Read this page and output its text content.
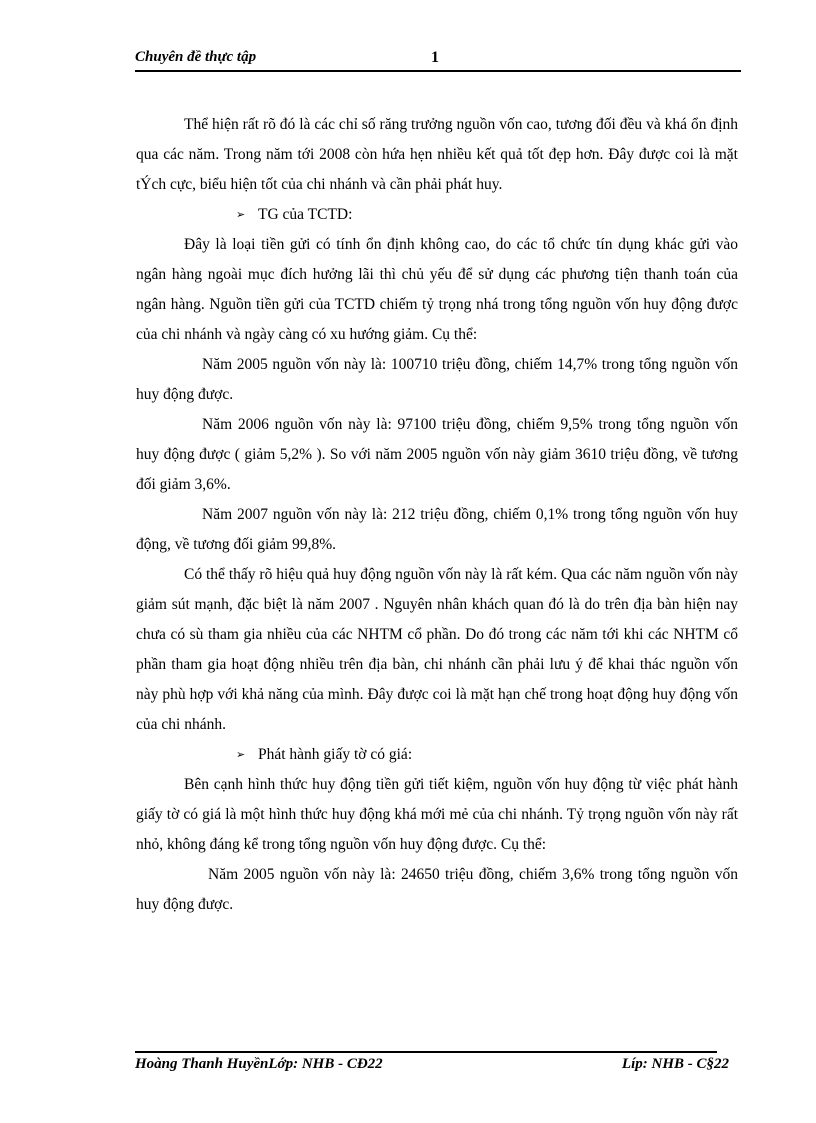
Chuyên đề thực tập	1

Thể hiện rất rõ đó là các chỉ số răng trưởng nguồn vốn cao, tương đối đều và khá ổn định qua các năm. Trong năm tới 2008 còn hứa hẹn nhiều kết quả tốt đẹp hơn. Đây được coi là mặt tÝch cực, biểu hiện tốt của chi nhánh và cần phải phát huy.

➢ TG của TCTD:

Đây là loại tiền gửi có tính ổn định không cao, do các tổ chức tín dụng khác gửi vào ngân hàng ngoài mục đích hưởng lãi thì chủ yếu để sử dụng các phương tiện thanh toán của ngân hàng. Nguồn tiền gửi của TCTD chiếm tỷ trọng nhá trong tổng nguồn vốn huy động được của chi nhánh và ngày càng có xu hướng giảm. Cụ thể:

Năm 2005 nguồn vốn này là: 100710 triệu đồng, chiếm 14,7% trong tổng nguồn vốn huy động được.

Năm 2006 nguồn vốn này là: 97100 triệu đồng, chiếm 9,5% trong tổng nguồn vốn huy động được ( giảm 5,2% ). So với năm 2005 nguồn vốn này giảm 3610 triệu đồng, về tương đối giảm 3,6%.

Năm 2007 nguồn vốn này là: 212 triệu đồng, chiếm 0,1% trong tổng nguồn vốn huy động, về tương đối giảm 99,8%.

Có thể thấy rõ hiệu quả huy động nguồn vốn này là rất kém. Qua các năm nguồn vốn này giảm sút mạnh, đặc biệt là năm 2007 . Nguyên nhân khách quan đó là do trên địa bàn hiện nay chưa có sù tham gia nhiều của các NHTM cổ phần. Do đó trong các năm tới khi các NHTM cổ phần tham gia hoạt động nhiều trên địa bàn, chi nhánh cần phải lưu ý để khai thác nguồn vốn này phù hợp với khả năng của mình. Đây được coi là mặt hạn chế trong hoạt động huy động vốn của chi nhánh.

➢ Phát hành giấy tờ có giá:

Bên cạnh hình thức huy động tiền gửi tiết kiệm, nguồn vốn huy động từ việc phát hành giấy tờ có giá là một hình thức huy động khá mới mẻ của chi nhánh. Tỷ trọng nguồn vốn này rất nhỏ, không đáng kể trong tổng nguồn vốn huy động được. Cụ thể:

Năm 2005 nguồn vốn này là: 24650 triệu đồng, chiếm 3,6% trong tổng nguồn vốn huy động được.

Hoàng Thanh HuyềnLớp: NHB - CĐ22	Líp: NHB - C§22
